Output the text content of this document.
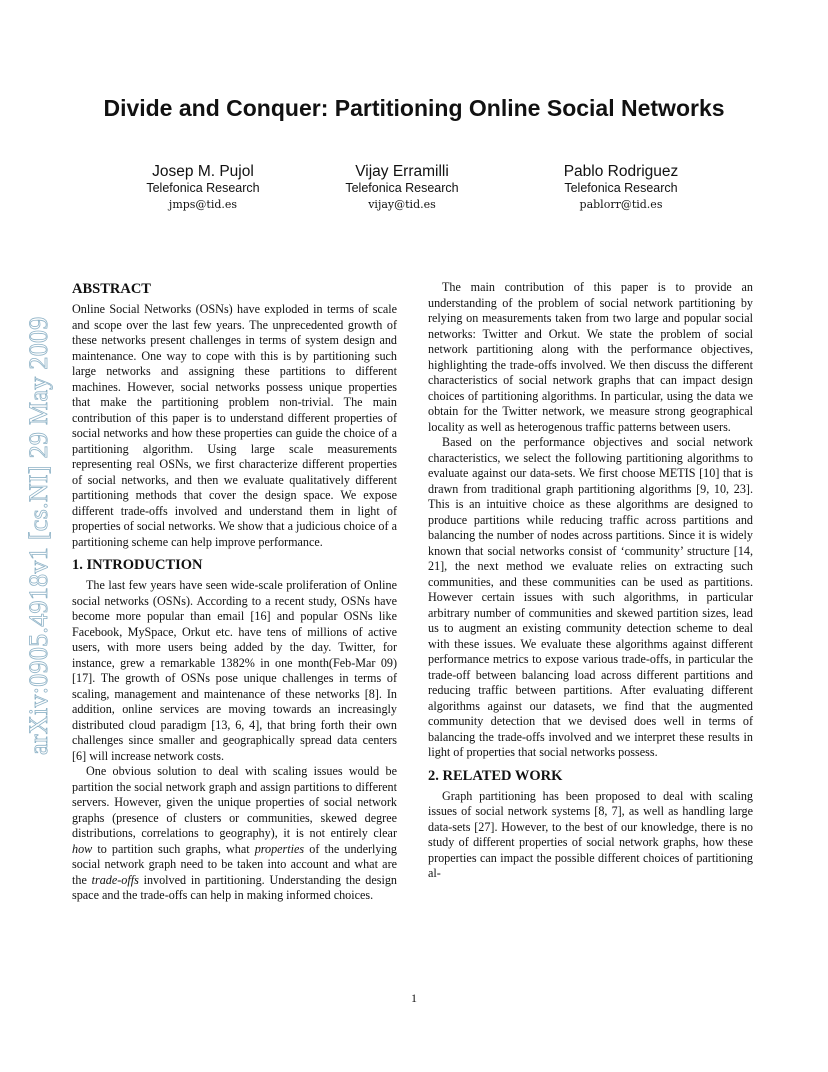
Divide and Conquer: Partitioning Online Social Networks
Josep M. Pujol
Telefonica Research
jmps@tid.es
Vijay Erramilli
Telefonica Research
vijay@tid.es
Pablo Rodriguez
Telefonica Research
pablorr@tid.es
arXiv:0905.4918v1 [cs.NI] 29 May 2009
ABSTRACT

Online Social Networks (OSNs) have exploded in terms of scale and scope over the last few years. The unprecedented growth of these networks present challenges in terms of system design and maintenance. One way to cope with this is by partitioning such large networks and assigning these partitions to different machines. However, social networks possess unique properties that make the partitioning problem non-trivial. The main contribution of this paper is to understand different properties of social networks and how these properties can guide the choice of a partitioning algorithm. Using large scale measurements representing real OSNs, we first characterize different properties of social networks, and then we evaluate qualitatively different partitioning methods that cover the design space. We expose different trade-offs involved and understand them in light of properties of social networks. We show that a judicious choice of a partitioning scheme can help improve performance.

1. INTRODUCTION

The last few years have seen wide-scale proliferation of Online social networks (OSNs). According to a recent study, OSNs have become more popular than email [16] and popular OSNs like Facebook, MySpace, Orkut etc. have tens of millions of active users, with more users being added by the day. Twitter, for instance, grew a remarkable 1382% in one month(Feb-Mar 09) [17]. The growth of OSNs pose unique challenges in terms of scaling, management and maintenance of these networks [8]. In addition, online services are moving towards an increasingly distributed cloud paradigm [13, 6, 4], that bring forth their own challenges since smaller and geographically spread data centers [6] will increase network costs.

One obvious solution to deal with scaling issues would be partition the social network graph and assign partitions to different servers. However, given the unique properties of social network graphs (presence of clusters or communities, skewed degree distributions, correlations to geography), it is not entirely clear how to partition such graphs, what properties of the underlying social network graph need to be taken into account and what are the trade-offs involved in partitioning. Understanding the design space and the trade-offs can help in making informed choices.

The main contribution of this paper is to provide an understanding of the problem of social network partitioning by relying on measurements taken from two large and popular social networks: Twitter and Orkut. We state the problem of social network partitioning along with the performance objectives, highlighting the trade-offs involved. We then discuss the different characteristics of social network graphs that can impact design choices of partitioning algorithms. In particular, using the data we obtain for the Twitter network, we measure strong geographical locality as well as heterogenous traffic patterns between users.

Based on the performance objectives and social network characteristics, we select the following partitioning algorithms to evaluate against our data-sets. We first choose METIS [10] that is drawn from traditional graph partitioning algorithms [9, 10, 23]. This is an intuitive choice as these algorithms are designed to produce partitions while reducing traffic across partitions and balancing the number of nodes across partitions. Since it is widely known that social networks consist of ‘community’ structure [14, 21], the next method we evaluate relies on extracting such communities, and these communities can be used as partitions. However certain issues with such algorithms, in particular arbitrary number of communities and skewed partition sizes, lead us to augment an existing community detection scheme to deal with these issues. We evaluate these algorithms against different performance metrics to expose various trade-offs, in particular the trade-off between balancing load across different partitions and reducing traffic between partitions. After evaluating different algorithms against our datasets, we find that the augmented community detection that we devised does well in terms of balancing the trade-offs involved and we interpret these results in light of properties that social networks possess.

2. RELATED WORK

Graph partitioning has been proposed to deal with scaling issues of social network systems [8, 7], as well as handling large data-sets [27]. However, to the best of our knowledge, there is no study of different properties of social network graphs, how these properties can impact the possible different choices of partitioning al-

1
